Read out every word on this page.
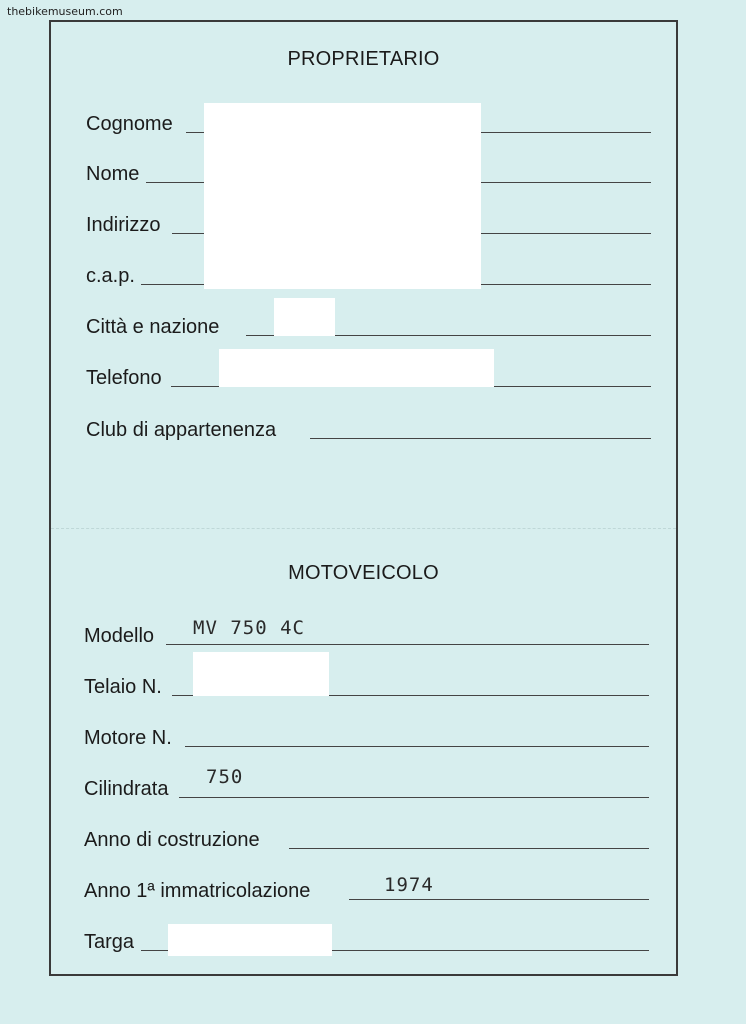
thebikemuseum.com
PROPRIETARIO
Cognome
Nome
Indirizzo
c.a.p.
Città e nazione
Telefono
Club di appartenenza
MOTOVEICOLO
Modello MV 750 4C
Telaio N.
Motore N.
Cilindrata
750
Anno di costruzione
Anno 1ª immatricolazione	1974
Targa
